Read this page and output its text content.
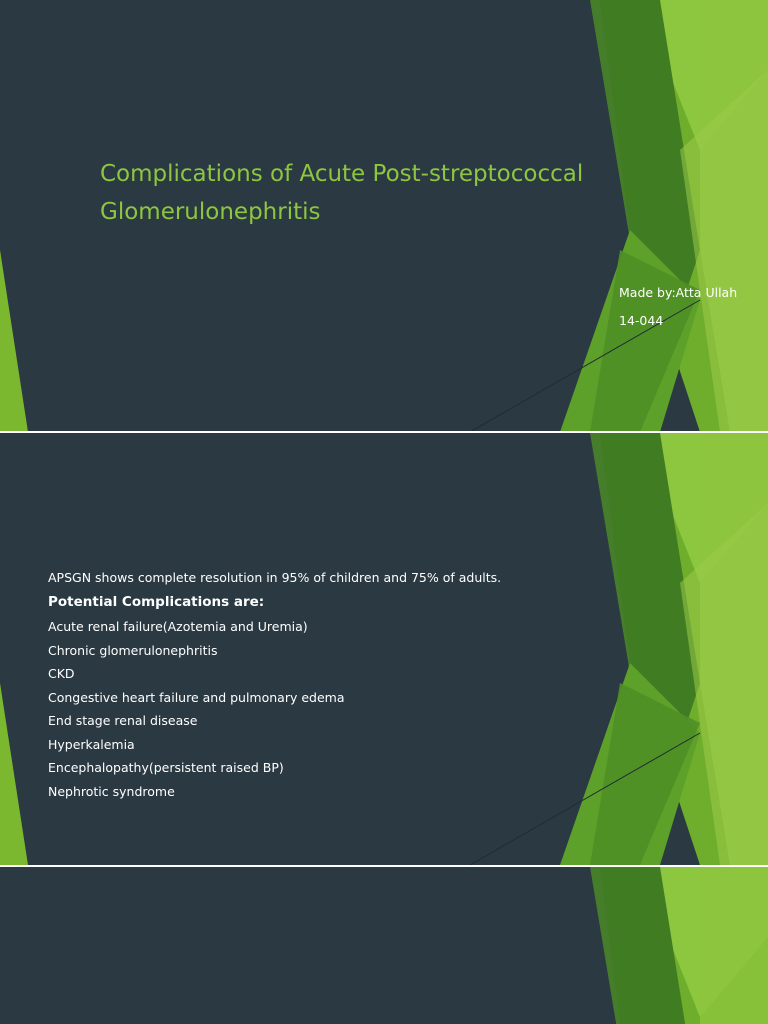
Complications of Acute Post-streptococcal Glomerulonephritis
Made by:Atta Ullah
14-044
APSGN shows complete resolution in 95% of children and 75% of adults.
Potential Complications are:
Acute renal failure(Azotemia and Uremia)
Chronic glomerulonephritis
CKD
Congestive heart failure and pulmonary edema
End stage renal disease
Hyperkalemia
Encephalopathy(persistent raised BP)
Nephrotic syndrome
